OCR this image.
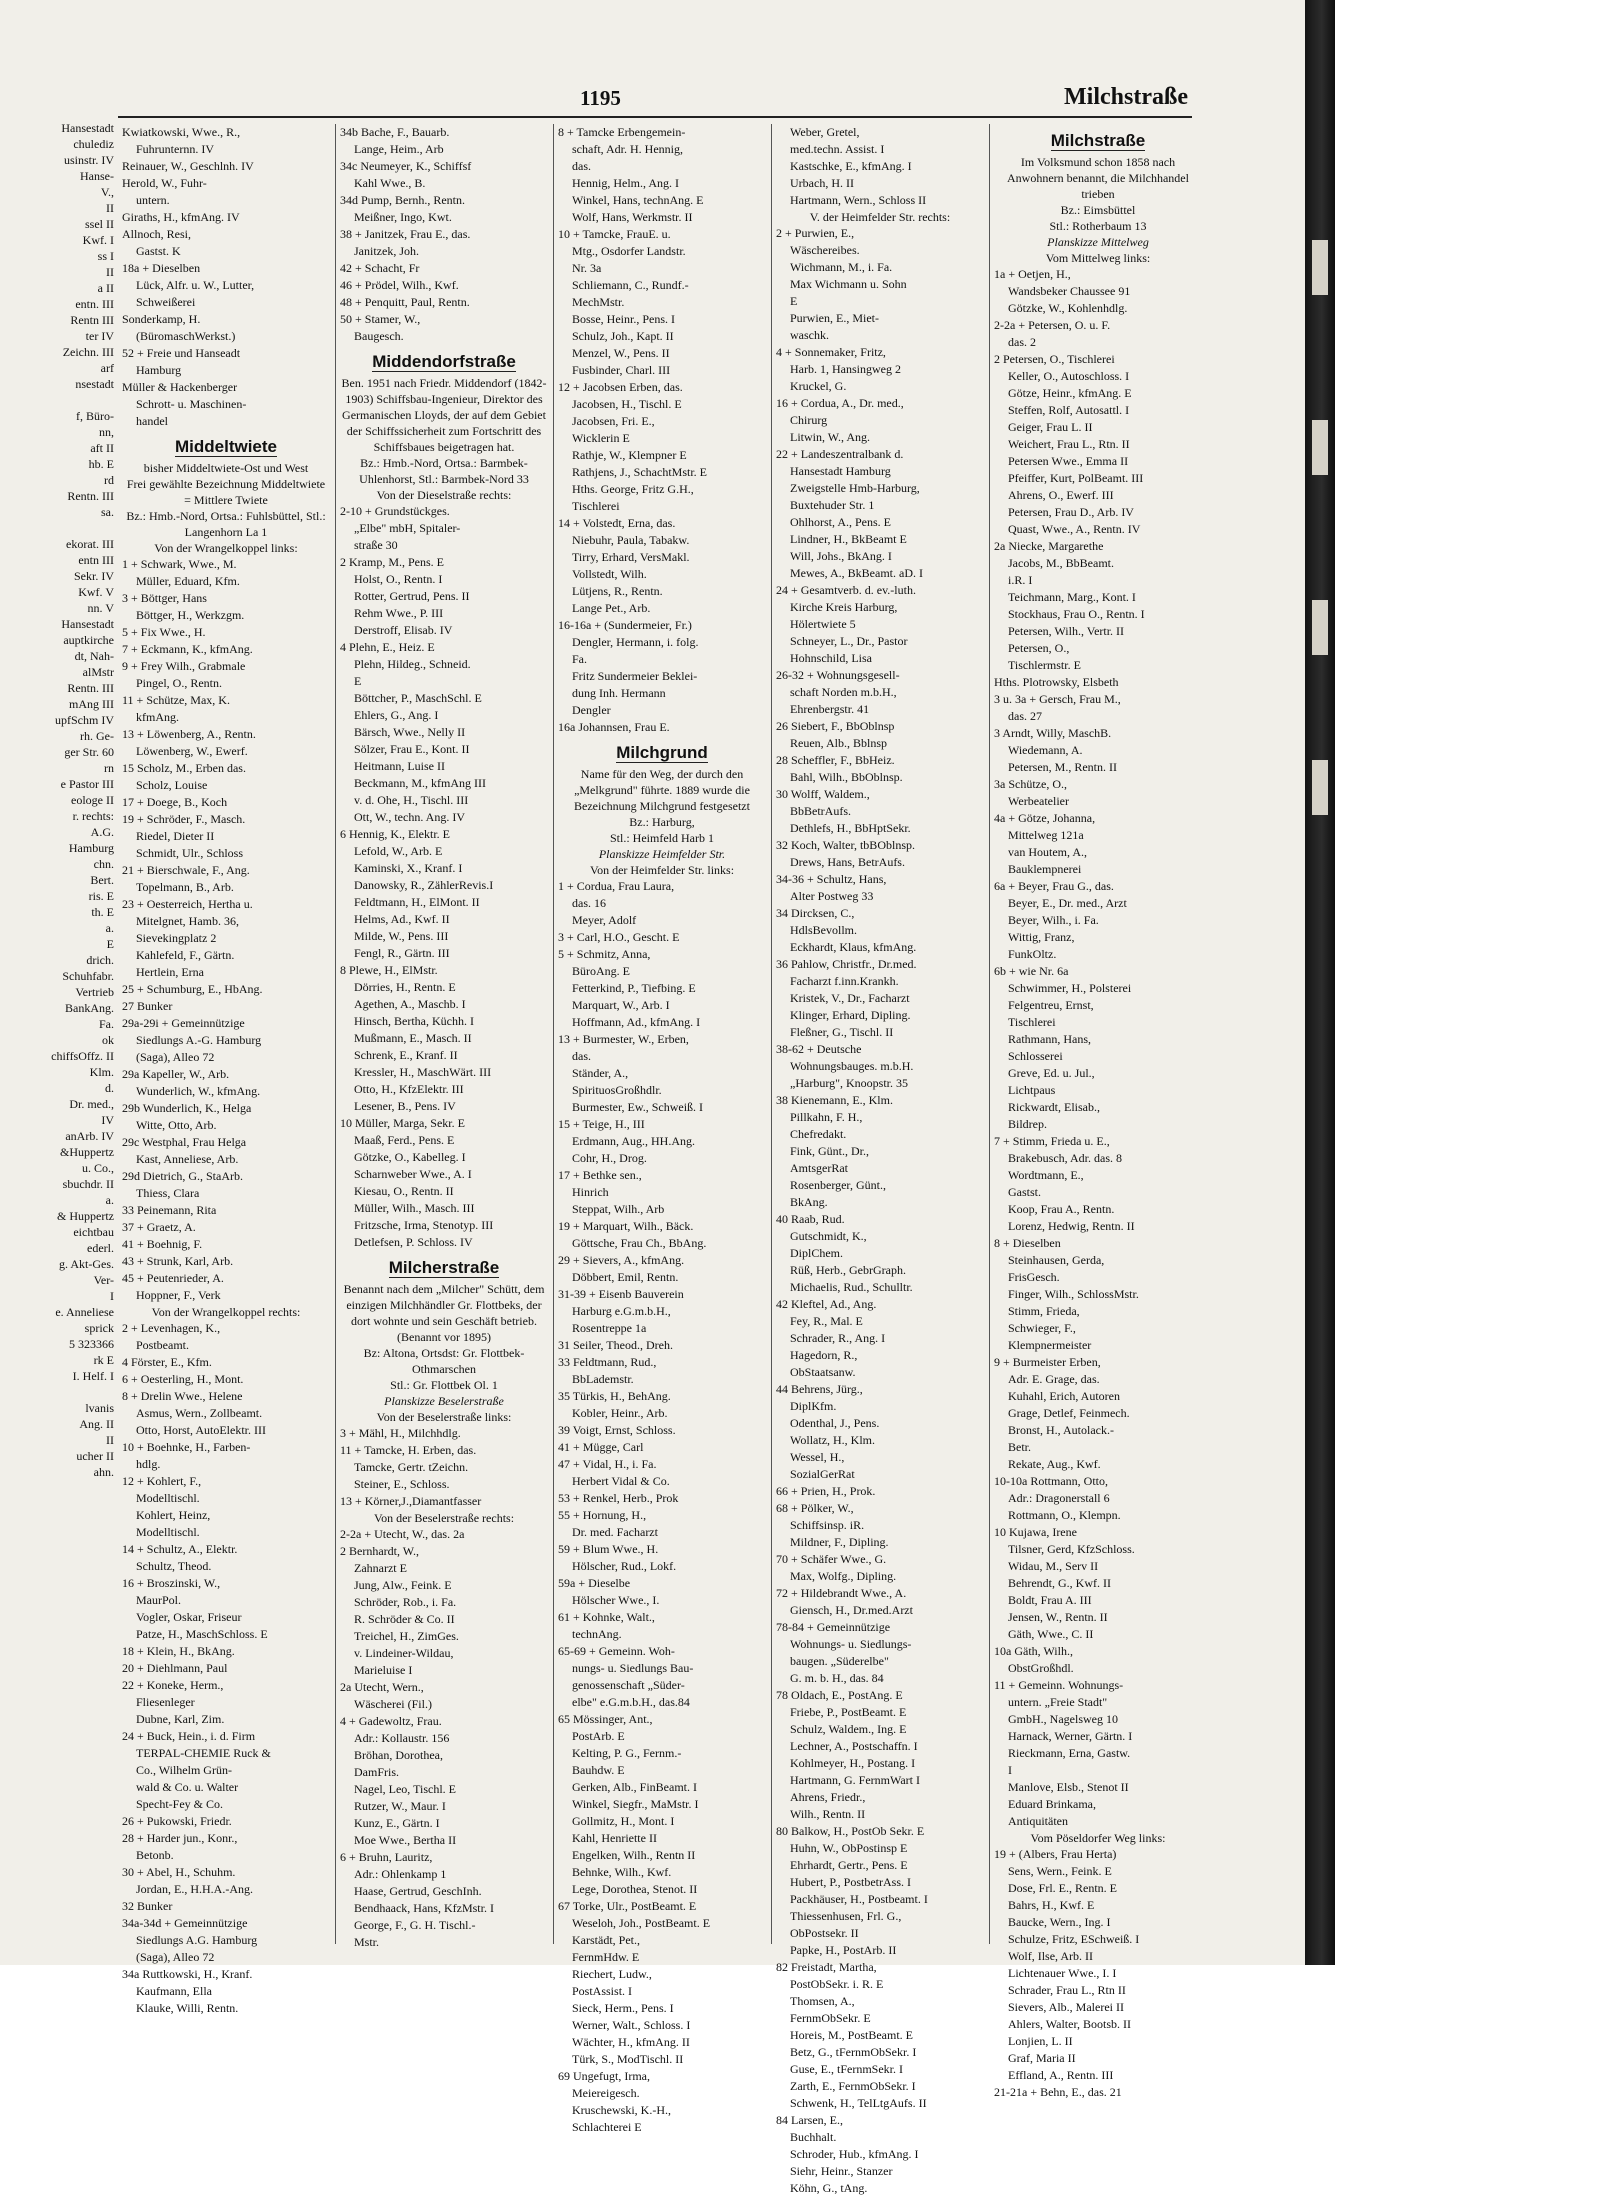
Hansestadt
chulediz
usinstr. IV
Hanse-
V.,
II
ssel II
Kwf. I
ss I
II
a II
entn. III
Rentn III
ter IV
Zeichn. III
arf
nsestadt

f, Büro-
nn,
aft II
hb. E
rd
Rentn. III
sa.

ekorat. III
entn III
Sekr. IV
Kwf. V
nn. V
Hansestadt
auptkirche
dt, Nah-
alMstr
Rentn. III
mAng III
upfSchm IV
rh. Ge-
ger Str. 60
rn
e Pastor III
eologe II
r. rechts:
A.G.
Hamburg
chn.
Bert.
ris. E
th. E
a.
E
drich.
Schuhfabr.
Vertrieb
BankAng.
Fa.
ok
chiffsOffz. II
Klm.
d.
Dr. med.,
IV
anArb. IV
&Huppertz
u. Co.,
sbuchdr. II
a.
& Huppertz
eichtbau
ederl.
g. Akt-Ges.
Ver-
I
e. Anneliese
sprick
5 323366
rk E
I. Helf. I

lvanis
Ang. II
II
ucher II
ahn.
1195	Milchstraße
Kwiatkowski, Wwe., R.,
Fuhrunternn. IV
Reinauer, W., Geschlnh. IV
Herold, W., Fuhr-
untern.
Giraths, H., kfmAng. IV
Allnoch, Resi,
Gastst. K
18a + Dieselben
Lück, Alfr. u. W., Lutter,
Schweißerei
Sonderkamp, H.
(BüromaschWerkst.)
52 + Freie und Hanseadt
Hamburg
Müller & Hackenberger
Schrott- u. Maschinen-
handel
Middeltwiete
bisher Middeltwiete-Ost und West
Frei gewählte Bezeichnung Middeltwiete = Mittlere Twiete
Bz.: Hmb.-Nord, Ortsa.: Fuhlsbüttel, Stl.: Langenhorn La 1
Von der Wrangelkoppel links:
1 + Schwark, Wwe., M.
Müller, Eduard, Kfm.
3 + Böttger, Hans
Böttger, H., Werkzgm.
5 + Fix Wwe., H.
7 + Eckmann, K., kfmAng.
9 + Frey Wilh., Grabmale
Pingel, O., Rentn.
11 + Schütze, Max, K.
kfmAng.
13 + Löwenberg, A., Rentn.
Löwenberg, W., Ewerf.
15 Scholz, M., Erben das.
Scholz, Louise
17 + Doege, B., Koch
19 + Schröder, F., Masch.
Riedel, Dieter II
Schmidt, Ulr., Schloss
21 + Bierschwale, F., Ang.
Topelmann, B., Arb.
23 + Oesterreich, Hertha u.
Mitelgnet, Hamb. 36,
Sievekingplatz 2
Kahlefeld, F., Gärtn.
Hertlein, Erna
25 + Schumburg, E., HbAng.
27 Bunker
29a-29i + Gemeinnützige
Siedlungs A.-G. Hamburg
(Saga), Alleo 72
29a Kapeller, W., Arb.
Wunderlich, W., kfmAng.
29b Wunderlich, K., Helga
Witte, Otto, Arb.
29c Westphal, Frau Helga
Kast, Anneliese, Arb.
29d Dietrich, G., StaArb.
Thiess, Clara
33 Peinemann, Rita
37 + Graetz, A.
41 + Boehnig, F.
43 + Strunk, Karl, Arb.
45 + Peutenrieder, A.
Hoppner, F., Verk
Von der Wrangelkoppel rechts:
2 + Levenhagen, K.,
Postbeamt.
4 Förster, E., Kfm.
6 + Oesterling, H., Mont.
8 + Drelin Wwe., Helene
Asmus, Wern., Zollbeamt.
Otto, Horst, AutoElektr. III
10 + Boehnke, H., Farben-
hdlg.
12 + Kohlert, F.,
Modelltischl.
Kohlert, Heinz,
Modelltischl.
14 + Schultz, A., Elektr.
Schultz, Theod.
16 + Broszinski, W.,
MaurPol.
Vogler, Oskar, Friseur
Patze, H., MaschSchloss. E
18 + Klein, H., BkAng.
20 + Diehlmann, Paul
22 + Koneke, Herm.,
Fliesenleger
Dubne, Karl, Zim.
24 + Buck, Hein., i. d. Firm
TERPAL-CHEMIE Ruck &
Co., Wilhelm Grün-
wald & Co. u. Walter
Specht-Fey & Co.
26 + Pukowski, Friedr.
28 + Harder jun., Konr.,
Betonb.
30 + Abel, H., Schuhm.
Jordan, E., H.H.A.-Ang.
32 Bunker
34a-34d + Gemeinnützige
Siedlungs A.G. Hamburg
(Saga), Alleo 72
34a Ruttkowski, H., Kranf.
Kaufmann, Ella
Klauke, Willi, Rentn.
34b Bache, F., Bauarb.
Lange, Heim., Arb
34c Neumeyer, K., Schiffsf
Kahl Wwe., B.
34d Pump, Bernh., Rentn.
Meißner, Ingo, Kwt.
38 + Janitzek, Frau E., das.
Janitzek, Joh.
42 + Schacht, Fr
46 + Prödel, Wilh., Kwf.
48 + Penquitt, Paul, Rentn.
50 + Stamer, W.,
Baugesch.
Middendorfstraße
Ben. 1951 nach Friedr. Middendorf (1842-1903) Schiffsbau-Ingenieur, Direktor des Germanischen Lloyds, der auf dem Gebiet der Schiffssicherheit zum Fortschritt des Schiffsbaues beigetragen hat.
Bz.: Hmb.-Nord, Ortsa.: Barmbek-Uhlenhorst, Stl.: Barmbek-Nord 33
Von der Dieselstraße rechts:
2-10 + Grundstückges.
„Elbe" mbH, Spitaler-
straße 30
2 Kramp, M., Pens. E
Holst, O., Rentn. I
Rotter, Gertrud, Pens. II
Rehm Wwe., P. III
Derstroff, Elisab. IV
4 Plehn, E., Heiz. E
Plehn, Hildeg., Schneid.
E
Böttcher, P., MaschSchl. E
Ehlers, G., Ang. I
Bärsch, Wwe., Nelly II
Sölzer, Frau E., Kont. II
Heitmann, Luise II
Beckmann, M., kfmAng III
v. d. Ohe, H., Tischl. III
Ott, W., techn. Ang. IV
6 Hennig, K., Elektr. E
Lefold, W., Arb. E
Kaminski, X., Kranf. I
Danowsky, R., ZählerRevis.I
Feldtmann, H., ElMont. II
Helms, Ad., Kwf. II
Milde, W., Pens. III
Fengl, R., Gärtn. III
8 Plewe, H., ElMstr.
Dörries, H., Rentn. E
Agethen, A., Maschb. I
Hinsch, Bertha, Küchh. I
Mußmann, E., Masch. II
Schrenk, E., Kranf. II
Kressler, H., MaschWärt. III
Otto, H., KfzElektr. III
Lesener, B., Pens. IV
10 Müller, Marga, Sekr. E
Maaß, Ferd., Pens. E
Götzke, O., Kabelleg. I
Scharnweber Wwe., A. I
Kiesau, O., Rentn. II
Müller, Wilh., Masch. III
Fritzsche, Irma, Stenotyp. III
Detlefsen, P. Schloss. IV
Milcherstraße
Benannt nach dem „Milcher" Schütt, dem einzigen Milchhändler Gr. Flottbeks, der dort wohnte und sein Geschäft betrieb.
(Benannt vor 1895)
Bz: Altona, Ortsdst: Gr. Flottbek-Othmarschen
Stl.: Gr. Flottbek Ol. 1
Planskizze Beselerstraße
Von der Beselerstraße links:
3 + Mähl, H., Milchhdlg.
11 + Tamcke, H. Erben, das.
Tamcke, Gertr. tZeichn.
Steiner, E., Schloss.
13 + Körner,J.,Diamantfasser
Von der Beselerstraße rechts:
2-2a + Utecht, W., das. 2a
2 Bernhardt, W.,
Zahnarzt E
Jung, Alw., Feink. E
Schröder, Rob., i. Fa.
R. Schröder & Co. II
Treichel, H., ZimGes.
v. Lindeiner-Wildau,
Marieluise I
2a Utecht, Wern.,
Wäscherei (Fil.)
4 + Gadewoltz, Frau.
Adr.: Kollaustr. 156
Bröhan, Dorothea,
DamFris.
Nagel, Leo, Tischl. E
Rutzer, W., Maur. I
Kunz, E., Gärtn. I
Moe Wwe., Bertha II
6 + Bruhn, Lauritz,
Adr.: Ohlenkamp 1
Haase, Gertrud, GeschInh.
Bendhaack, Hans, KfzMstr. I
George, F., G. H. Tischl.-
Mstr.
8 + Tamcke Erbengemein-
schaft, Adr. H. Hennig,
das.
Hennig, Helm., Ang. I
Winkel, Hans, technAng. E
Wolf, Hans, Werkmstr. II
10 + Tamcke, FrauE. u.
Mtg., Osdorfer Landstr.
Nr. 3a
Schliemann, C., Rundf.-
MechMstr.
Bosse, Heinr., Pens. I
Schulz, Joh., Kapt. II
Menzel, W., Pens. II
Fusbinder, Charl. III
12 + Jacobsen Erben, das.
Jacobsen, H., Tischl. E
Jacobsen, Fri. E.,
Wicklerin E
Rathje, W., Klempner E
Rathjens, J., SchachtMstr. E
Hths. George, Fritz G.H.,
Tischlerei
14 + Volstedt, Erna, das.
Niebuhr, Paula, Tabakw.
Tirry, Erhard, VersMakl.
Vollstedt, Wilh.
Lütjens, R., Rentn.
Lange Pet., Arb.
16-16a + (Sundermeier, Fr.)
Dengler, Hermann, i. folg.
Fa.
Fritz Sundermeier Beklei-
dung Inh. Hermann
Dengler
16a Johannsen, Frau E.
Milchgrund
Name für den Weg, der durch den „Melkgrund" führte. 1889 wurde die Bezeichnung Milchgrund festgesetzt
Bz.: Harburg,
Stl.: Heimfeld Harb 1
Planskizze Heimfelder Str.
Von der Heimfelder Str. links:
1 + Cordua, Frau Laura,
das. 16
Meyer, Adolf
3 + Carl, H.O., Gescht. E
5 + Schmitz, Anna,
BüroAng. E
Fetterkind, P., Tiefbing. E
Marquart, W., Arb. I
Hoffmann, Ad., kfmAng. I
13 + Burmester, W., Erben,
das.
Ständer, A.,
SpirituosGroßhdlr.
Burmester, Ew., Schweiß. I
15 + Teige, H., III
Erdmann, Aug., HH.Ang.
Cohr, H., Drog.
17 + Bethke sen.,
Hinrich
Steppat, Wilh., Arb
19 + Marquart, Wilh., Bäck.
Göttsche, Frau Ch., BbAng.
29 + Sievers, A., kfmAng.
Döbbert, Emil, Rentn.
31-39 + Eisenb Bauverein
Harburg e.G.m.b.H.,
Rosentreppe 1a
31 Seiler, Theod., Dreh.
33 Feldtmann, Rud.,
BbLademstr.
35 Türkis, H., BehAng.
Kobler, Heinr., Arb.
39 Voigt, Ernst, Schloss.
41 + Mügge, Carl
47 + Vidal, H., i. Fa.
Herbert Vidal & Co.
53 + Renkel, Herb., Prok
55 + Hornung, H.,
Dr. med. Facharzt
59 + Blum Wwe., H.
Hölscher, Rud., Lokf.
59a + Dieselbe
Hölscher Wwe., I.
61 + Kohnke, Walt.,
technAng.
65-69 + Gemeinn. Woh-
nungs- u. Siedlungs Bau-
genossenschaft „Süder-
elbe" e.G.m.b.H., das.84
65 Mössinger, Ant.,
PostArb. E
Kelting, P. G., Fernm.-
Bauhdw. E
Gerken, Alb., FinBeamt. I
Winkel, Siegfr., MaMstr. I
Gollmitz, H., Mont. I
Kahl, Henriette II
Engelken, Wilh., Rentn II
Behnke, Wilh., Kwf.
Lege, Dorothea, Stenot. II
67 Torke, Ulr., PostBeamt. E
Weseloh, Joh., PostBeamt. E
Karstädt, Pet.,
FernmHdw. E
Riechert, Ludw.,
PostAssist. I
Sieck, Herm., Pens. I
Werner, Walt., Schloss. I
Wächter, H., kfmAng. II
Türk, S., ModTischl. II
69 Ungefugt, Irma,
Meiereigesch.
Kruschewski, K.-H.,
Schlachterei E
Weber, Gretel,
med.techn. Assist. I
Kastschke, E., kfmAng. I
Urbach, H. II
Hartmann, Wern., Schloss II
V. der Heimfelder Str. rechts:
2 + Purwien, E.,
Wäschereibes.
Wichmann, M., i. Fa.
Max Wichmann u. Sohn
E
Purwien, E., Miet-
waschk.
4 + Sonnemaker, Fritz,
Harb. 1, Hansingweg 2
Kruckel, G.
16 + Cordua, A., Dr. med.,
Chirurg
Litwin, W., Ang.
22 + Landeszentralbank d.
Hansestadt Hamburg
Zweigstelle Hmb-Harburg,
Buxtehuder Str. 1
Ohlhorst, A., Pens. E
Lindner, H., BkBeamt E
Will, Johs., BkAng. I
Mewes, A., BkBeamt. aD. I
24 + Gesamtverb. d. ev.-luth.
Kirche Kreis Harburg,
Hölertwiete 5
Schneyer, L., Dr., Pastor
Hohnschild, Lisa
26-32 + Wohnungsgesell-
schaft Norden m.b.H.,
Ehrenbergstr. 41
26 Siebert, F., BbOblnsp
Reuen, Alb., Bblnsp
28 Scheffler, F., BbHeiz.
Bahl, Wilh., BbOblnsp.
30 Wolff, Waldem.,
BbBetrAufs.
Dethlefs, H., BbHptSekr.
32 Koch, Walter, tbBOblnsp.
Drews, Hans, BetrAufs.
34-36 + Schultz, Hans,
Alter Postweg 33
34 Dircksen, C.,
HdlsBevollm.
Eckhardt, Klaus, kfmAng.
36 Pahlow, Christfr., Dr.med.
Facharzt f.inn.Krankh.
Kristek, V., Dr., Facharzt
Klinger, Erhard, Dipling.
Fleßner, G., Tischl. II
38-62 + Deutsche
Wohnungsbauges. m.b.H.
„Harburg", Knoopstr. 35
38 Kienemann, E., Klm.
Pillkahn, F. H.,
Chefredakt.
Fink, Günt., Dr.,
AmtsgerRat
Rosenberger, Günt.,
BkAng.
40 Raab, Rud.
Gutschmidt, K.,
DiplChem.
Rüß, Herb., GebrGraph.
Michaelis, Rud., Schulltr.
42 Kleftel, Ad., Ang.
Fey, R., Mal. E
Schrader, R., Ang. I
Hagedorn, R.,
ObStaatsanw.
44 Behrens, Jürg.,
DiplKfm.
Odenthal, J., Pens.
Wollatz, H., Klm.
Wessel, H.,
SozialGerRat
66 + Prien, H., Prok.
68 + Pölker, W.,
Schiffsinsp. iR.
Mildner, F., Dipling.
70 + Schäfer Wwe., G.
Max, Wolfg., Dipling.
72 + Hildebrandt Wwe., A.
Giensch, H., Dr.med.Arzt
78-84 + Gemeinnützige
Wohnungs- u. Siedlungs-
baugen. „Süderelbe"
G. m. b. H., das. 84
78 Oldach, E., PostAng. E
Friebe, P., PostBeamt. E
Schulz, Waldem., Ing. E
Lechner, A., Postschaffn. I
Kohlmeyer, H., Postang. I
Hartmann, G. FernmWart I
Ahrens, Friedr.,
Wilh., Rentn. II
80 Balkow, H., PostOb Sekr. E
Huhn, W., ObPostinsp E
Ehrhardt, Gertr., Pens. E
Hubert, P., PostbetrAss. I
Packhäuser, H., Postbeamt. I
Thiessenhusen, Frl. G.,
ObPostsekr. II
Papke, H., PostArb. II
82 Freistadt, Martha,
PostObSekr. i. R. E
Thomsen, A.,
FernmObSekr. E
Horeis, M., PostBeamt. E
Betz, G., tFernmObSekr. I
Guse, E., tFernmSekr. I
Zarth, E., FernmObSekr. I
Schwenk, H., TelLtgAufs. II
84 Larsen, E.,
Buchhalt.
Schroder, Hub., kfmAng. I
Siehr, Heinr., Stanzer
Köhn, G., tAng.
Milchstraße
Im Volksmund schon 1858 nach Anwohnern benannt, die Milchhandel trieben
Bz.: Eimsbüttel
Stl.: Rotherbaum 13
Planskizze Mittelweg
Vom Mittelweg links:
1a + Oetjen, H.,
Wandsbeker Chaussee 91
Götzke, W., Kohlenhdlg.
2-2a + Petersen, O. u. F.
das. 2
2 Petersen, O., Tischlerei
Keller, O., Autoschloss. I
Götze, Heinr., kfmAng. E
Steffen, Rolf, Autosattl. I
Geiger, Frau L. II
Weichert, Frau L., Rtn. II
Petersen Wwe., Emma II
Pfeiffer, Kurt, PolBeamt. III
Ahrens, O., Ewerf. III
Petersen, Frau D., Arb. IV
Quast, Wwe., A., Rentn. IV
2a Niecke, Margarethe
Jacobs, M., BbBeamt.
i.R. I
Teichmann, Marg., Kont. I
Stockhaus, Frau O., Rentn. I
Petersen, Wilh., Vertr. II
Petersen, O.,
Tischlermstr. E
Hths. Plotrowsky, Elsbeth
3 u. 3a + Gersch, Frau M.,
das. 27
3 Arndt, Willy, MaschB.
Wiedemann, A.
Petersen, M., Rentn. II
3a Schütze, O.,
Werbeatelier
4a + Götze, Johanna,
Mittelweg 121a
van Houtem, A.,
Bauklempnerei
6a + Beyer, Frau G., das.
Beyer, E., Dr. med., Arzt
Beyer, Wilh., i. Fa.
Wittig, Franz,
FunkOltz.
6b + wie Nr. 6a
Schwimmer, H., Polsterei
Felgentreu, Ernst,
Tischlerei
Rathmann, Hans,
Schlosserei
Greve, Ed. u. Jul.,
Lichtpaus
Rickwardt, Elisab.,
Bildrep.
7 + Stimm, Frieda u. E.,
Brakebusch, Adr. das. 8
Wordtmann, E.,
Gastst.
Koop, Frau A., Rentn.
Lorenz, Hedwig, Rentn. II
8 + Dieselben
Steinhausen, Gerda,
FrisGesch.
Finger, Wilh., SchlossMstr.
Stimm, Frieda,
Schwieger, F.,
Klempnermeister
9 + Burmeister Erben,
Adr. E. Grage, das.
Kuhahl, Erich, Autoren
Grage, Detlef, Feinmech.
Bronst, H., Autolack.-
Betr.
Rekate, Aug., Kwf.
10-10a Rottmann, Otto,
Adr.: Dragonerstall 6
Rottmann, O., Klempn.
10 Kujawa, Irene
Tilsner, Gerd, KfzSchloss.
Widau, M., Serv II
Behrendt, G., Kwf. II
Boldt, Frau A. III
Jensen, W., Rentn. II
Gäth, Wwe., C. II
10a Gäth, Wilh.,
ObstGroßhdl.
11 + Gemeinn. Wohnungs-
untern. „Freie Stadt"
GmbH., Nagelsweg 10
Harnack, Werner, Gärtn. I
Rieckmann, Erna, Gastw.
I
Manlove, Elsb., Stenot II
Eduard Brinkama,
Antiquitäten
Vom Pöseldorfer Weg links:
19 + (Albers, Frau Herta)
Sens, Wern., Feink. E
Dose, Frl. E., Rentn. E
Bahrs, H., Kwf. E
Baucke, Wern., Ing. I
Schulze, Fritz, ESchweiß. I
Wolf, Ilse, Arb. II
Lichtenauer Wwe., I. I
Schrader, Frau L., Rtn II
Sievers, Alb., Malerei II
Ahlers, Walter, Bootsb. II
Lonjien, L. II
Graf, Maria II
Effland, A., Rentn. III
21-21a + Behn, E., das. 21
